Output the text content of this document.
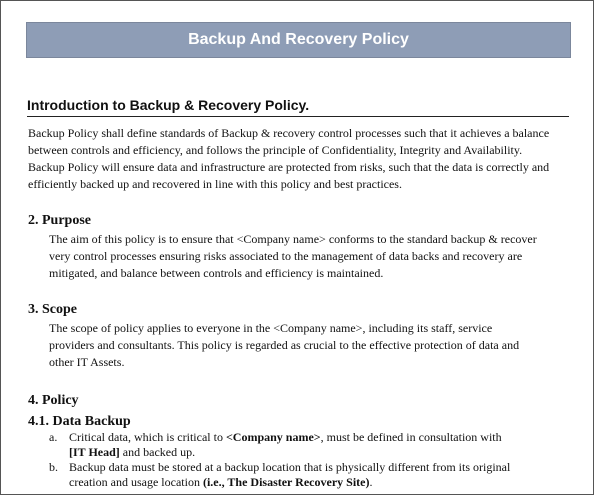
Backup And Recovery Policy
Introduction to Backup & Recovery Policy.
Backup Policy shall define standards of Backup & recovery control processes such that it achieves a balance
between controls and efficiency, and follows the principle of Confidentiality, Integrity and Availability.
Backup Policy will ensure data and infrastructure are protected from risks, such that the data is correctly and
efficiently backed up and recovered in line with this policy and best practices.
2. Purpose
The aim of this policy is to ensure that <Company name> conforms to the standard backup & recover
very control processes ensuring risks associated to the management of data backs and recovery are
mitigated, and balance between controls and efficiency is maintained.
3. Scope
The scope of policy applies to everyone in the <Company name>, including its staff, service
providers and consultants. This policy is regarded as crucial to the effective protection of data and
other IT Assets.
4. Policy
4.1. Data Backup
a. Critical data, which is critical to <Company name>, must be defined in consultation with
[IT Head] and backed up.
b. Backup data must be stored at a backup location that is physically different from its original
creation and usage location (i.e., The Disaster Recovery Site).
